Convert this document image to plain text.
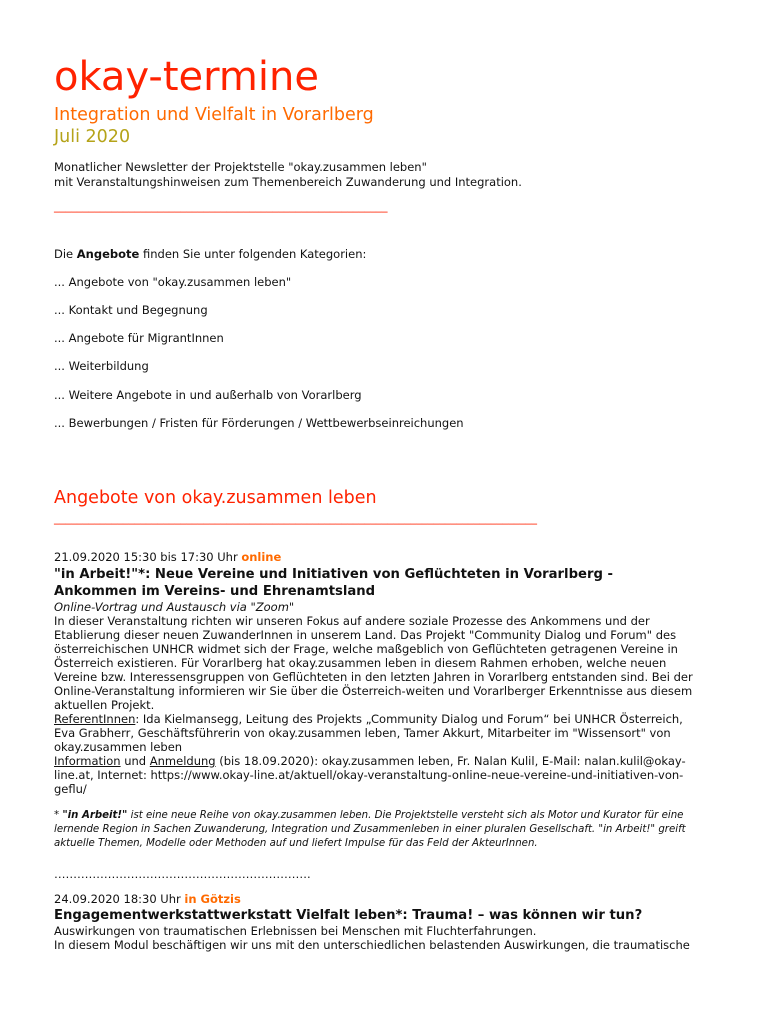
okay-termine
Integration und Vielfalt in Vorarlberg
Juli 2020
Monatlicher Newsletter der Projektstelle "okay.zusammen leben"
mit Veranstaltungshinweisen zum Themenbereich Zuwanderung und Integration.
__________________________________________________________
Die Angebote finden Sie unter folgenden Kategorien:
... Angebote von "okay.zusammen leben"
... Kontakt und Begegnung
... Angebote für MigrantInnen
... Weiterbildung
... Weitere Angebote in und außerhalb von Vorarlberg
... Bewerbungen / Fristen für Förderungen / Wettbewerbseinreichungen
Angebote von okay.zusammen leben
____________________________________________________________________________________
21.09.2020 15:30 bis 17:30 Uhr online
"in Arbeit!"*: Neue Vereine und Initiativen von Geflüchteten in Vorarlberg -
Ankommen im Vereins- und Ehrenamtsland
Online-Vortrag und Austausch via "Zoom"
In dieser Veranstaltung richten wir unseren Fokus auf andere soziale Prozesse des Ankommens und der
Etablierung dieser neuen ZuwanderInnen in unserem Land. Das Projekt "Community Dialog und Forum" des
österreichischen UNHCR widmet sich der Frage, welche maßgeblich von Geflüchteten getragenen Vereine in
Österreich existieren. Für Vorarlberg hat okay.zusammen leben in diesem Rahmen erhoben, welche neuen
Vereine bzw. Interessensgruppen von Geflüchteten in den letzten Jahren in Vorarlberg entstanden sind. Bei der
Online-Veranstaltung informieren wir Sie über die Österreich-weiten und Vorarlberger Erkenntnisse aus diesem
aktuellen Projekt.
ReferentInnen: Ida Kielmansegg, Leitung des Projekts „Community Dialog und Forum“ bei UNHCR Österreich,
Eva Grabherr, Geschäftsführerin von okay.zusammen leben, Tamer Akkurt, Mitarbeiter im "Wissensort" von
okay.zusammen leben
Information und Anmeldung (bis 18.09.2020): okay.zusammen leben, Fr. Nalan Kulil, E-Mail: nalan.kulil@okay-
line.at, Internet: https://www.okay-line.at/aktuell/okay-veranstaltung-online-neue-vereine-und-initiativen-von-
geflu/
* "in Arbeit!" ist eine neue Reihe von okay.zusammen leben. Die Projektstelle versteht sich als Motor und Kurator für eine
lernende Region in Sachen Zuwanderung, Integration und Zusammenleben in einer pluralen Gesellschaft. "in Arbeit!" greift
aktuelle Themen, Modelle oder Methoden auf und liefert Impulse für das Feld der AkteurInnen.
………………………………………………………….
24.09.2020 18:30 Uhr in Götzis
Engagementwerkstattwerkstatt Vielfalt leben*: Trauma! – was können wir tun?
Auswirkungen von traumatischen Erlebnissen bei Menschen mit Fluchterfahrungen.
In diesem Modul beschäftigen wir uns mit den unterschiedlichen belastenden Auswirkungen, die traumatische
